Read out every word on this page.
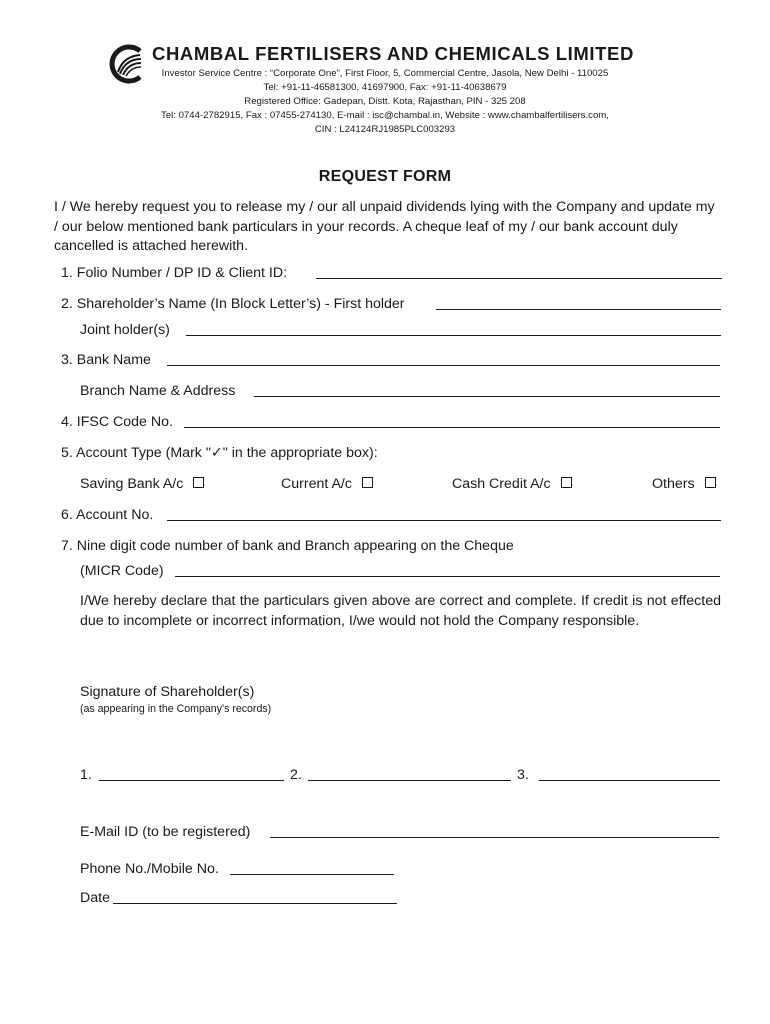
CHAMBAL FERTILISERS AND CHEMICALS LIMITED
Investor Service Centre : “Corporate One”, First Floor, 5, Commercial Centre, Jasola, New Delhi - 110025
Tel: +91-11-46581300, 41697900, Fax: +91-11-40638679
Registered Office: Gadepan, Distt. Kota, Rajasthan, PIN - 325 208
Tel: 0744-2782915, Fax : 07455-274130, E-mail : isc@chambal.in, Website : www.chambalfertilisers.com,
CIN : L24124RJ1985PLC003293
REQUEST FORM
I / We hereby request you to release my / our all unpaid dividends lying with the Company and update my / our below mentioned bank particulars in your records. A cheque leaf of my / our bank account duly cancelled is attached herewith.
1. Folio Number / DP ID & Client ID:
2. Shareholder’s Name (In Block Letter’s) - First holder
Joint holder(s)
3. Bank Name
Branch Name & Address
4. IFSC Code No.
5. Account Type (Mark "✓" in the appropriate box):
Saving Bank A/c	Current A/c	Cash Credit A/c	Others
6. Account No.
7. Nine digit code number of bank and Branch appearing on the Cheque
(MICR Code)
I/We hereby declare that the particulars given above are correct and complete. If credit is not effected due to incomplete or incorrect information, I/we would not hold the Company responsible.
Signature of Shareholder(s)
(as appearing in the Company’s records)
1.	2.	3.
E-Mail ID (to be registered)
Phone No./Mobile No.
Date
